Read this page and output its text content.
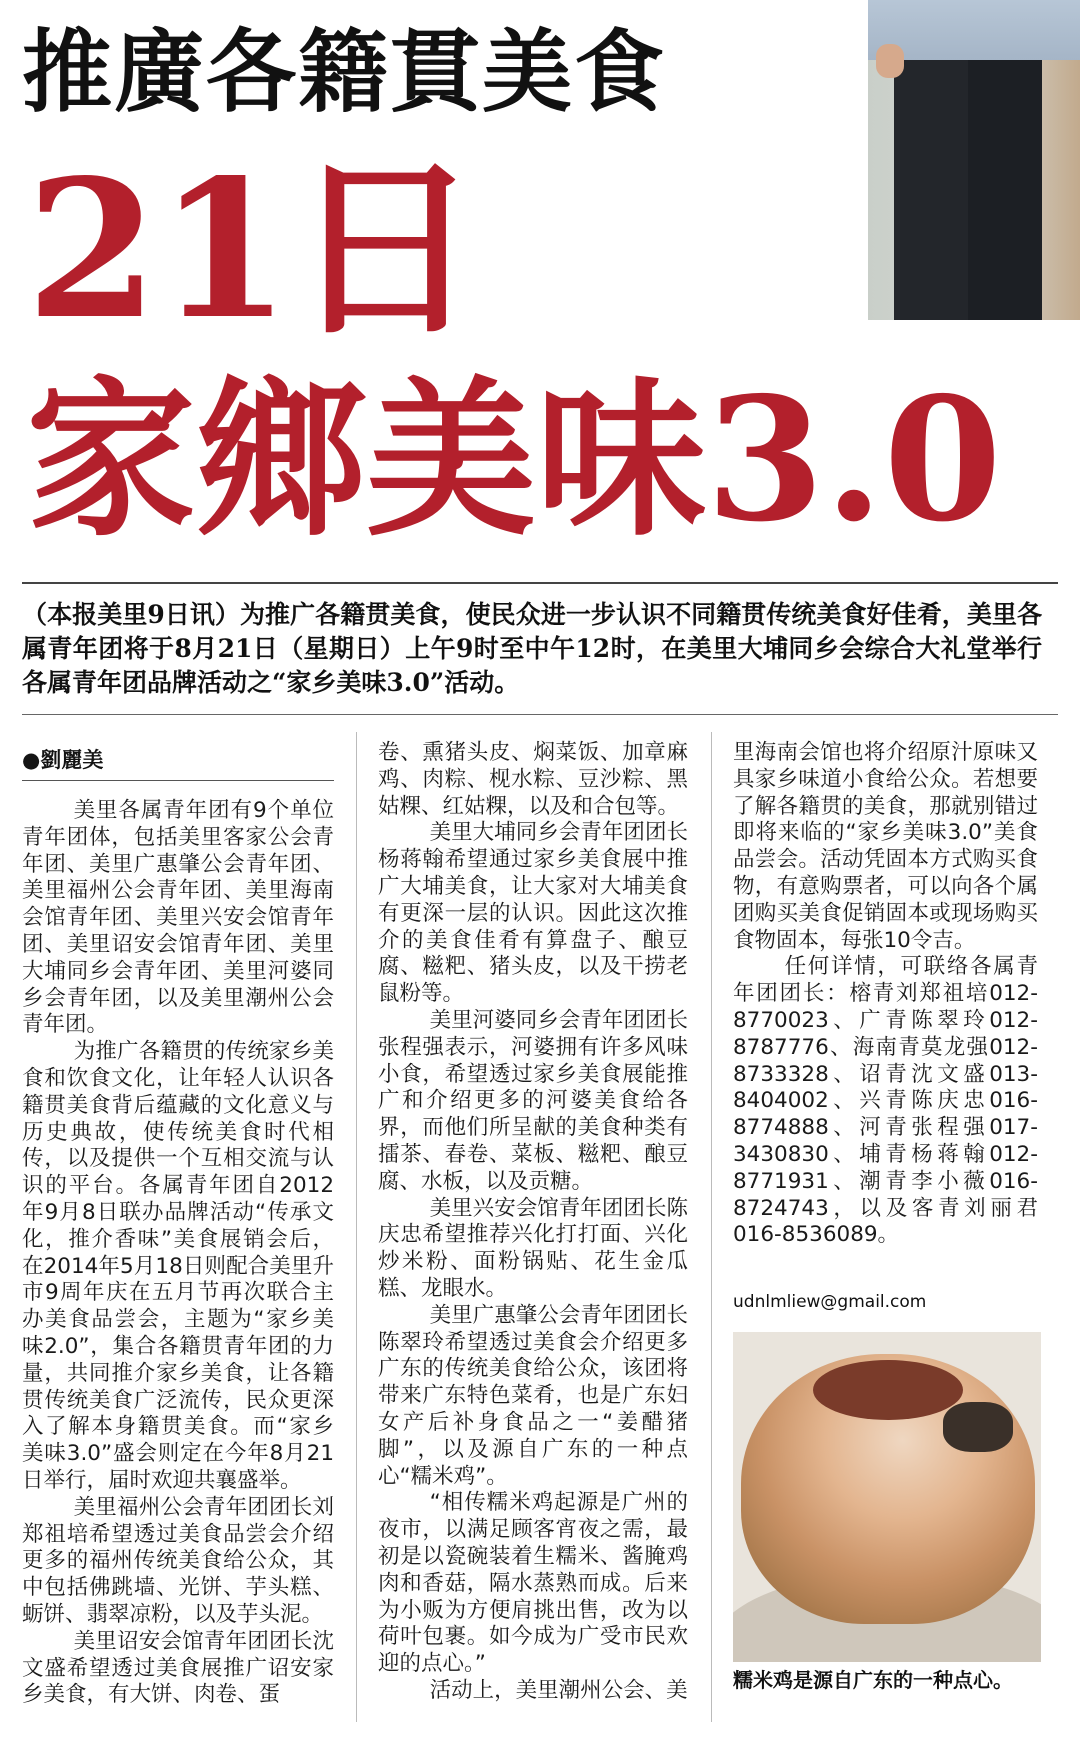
推廣各籍貫美食
21日
家鄉美味3.0
（本报美里9日讯）为推广各籍贯美食，使民众进一步认识不同籍贯传统美食好佳肴，美里各属青年团将于8月21日（星期日）上午9时至中午12时，在美里大埔同乡会综合大礼堂举行各属青年团品牌活动之“家乡美味3.0”活动。
●劉麗美

美里各属青年团有9个单位青年团体，包括美里客家公会青年团、美里广惠肇公会青年团、美里福州公会青年团、美里海南会馆青年团、美里兴安会馆青年团、美里诏安会馆青年团、美里大埔同乡会青年团、美里河婆同乡会青年团，以及美里潮州公会青年团。

为推广各籍贯的传统家乡美食和饮食文化，让年轻人认识各籍贯美食背后蕴藏的文化意义与历史典故，使传统美食时代相传，以及提供一个互相交流与认识的平台。各属青年团自2012年9月8日联办品牌活动“传承文化，推介香味”美食展销会后，在2014年5月18日则配合美里升市9周年庆在五月节再次联合主办美食品尝会，主题为“家乡美味2.0”，集合各籍贯青年团的力量，共同推介家乡美食，让各籍贯传统美食广泛流传，民众更深入了解本身籍贯美食。而“家乡美味3.0”盛会则定在今年8月21日举行，届时欢迎共襄盛举。

美里福州公会青年团团长刘郑祖培希望透过美食品尝会介绍更多的福州传统美食给公众，其中包括佛跳墙、光饼、芋头糕、蛎饼、翡翠凉粉，以及芋头泥。

美里诏安会馆青年团团长沈文盛希望透过美食展推广诏安家乡美食，有大饼、肉卷、蛋

卷、熏猪头皮、焖菜饭、加章麻鸡、肉粽、枧水粽、豆沙粽、黑姑粿、红姑粿，以及和合包等。

美里大埔同乡会青年团团长杨蒋翰希望通过家乡美食展中推广大埔美食，让大家对大埔美食有更深一层的认识。因此这次推介的美食佳肴有算盘子、酿豆腐、糍粑、猪头皮，以及干捞老鼠粉等。

美里河婆同乡会青年团团长张程强表示，河婆拥有许多风味小食，希望透过家乡美食展能推广和介绍更多的河婆美食给各界，而他们所呈献的美食种类有擂茶、春卷、菜板、糍粑、酿豆腐、水板，以及贡糖。

美里兴安会馆青年团团长陈庆忠希望推荐兴化打打面、兴化炒米粉、面粉锅贴、花生金瓜糕、龙眼水。

美里广惠肇公会青年团团长陈翠玲希望透过美食会介绍更多广东的传统美食给公众，该团将带来广东特色菜肴，也是广东妇女产后补身食品之一“姜醋猪脚”，以及源自广东的一种点心“糯米鸡”。

“相传糯米鸡起源是广州的夜市，以满足顾客宵夜之需，最初是以瓷碗装着生糯米、酱腌鸡肉和香菇，隔水蒸熟而成。后来为小贩为方便肩挑出售，改为以荷叶包裹。如今成为广受市民欢迎的点心。”

活动上，美里潮州公会、美

里海南会馆也将介绍原汁原味又具家乡味道小食给公众。若想要了解各籍贯的美食，那就别错过即将来临的“家乡美味3.0”美食品尝会。活动凭固本方式购买食物，有意购票者，可以向各个属团购买美食促销固本或现场购买食物固本，每张10令吉。

任何详情，可联络各属青年团团长：榕青刘郑祖培012-8770023、广青陈翠玲012-8787776、海南青莫龙强012-8733328、诏青沈文盛013-8404002、兴青陈庆忠016-8774888、河青张程强017-3430830、埔青杨蒋翰012-8771931、潮青李小薇016-8724743，以及客青刘丽君016-8536089。

udnlmliew@gmail.com
糯米鸡是源自广东的一种点心。
